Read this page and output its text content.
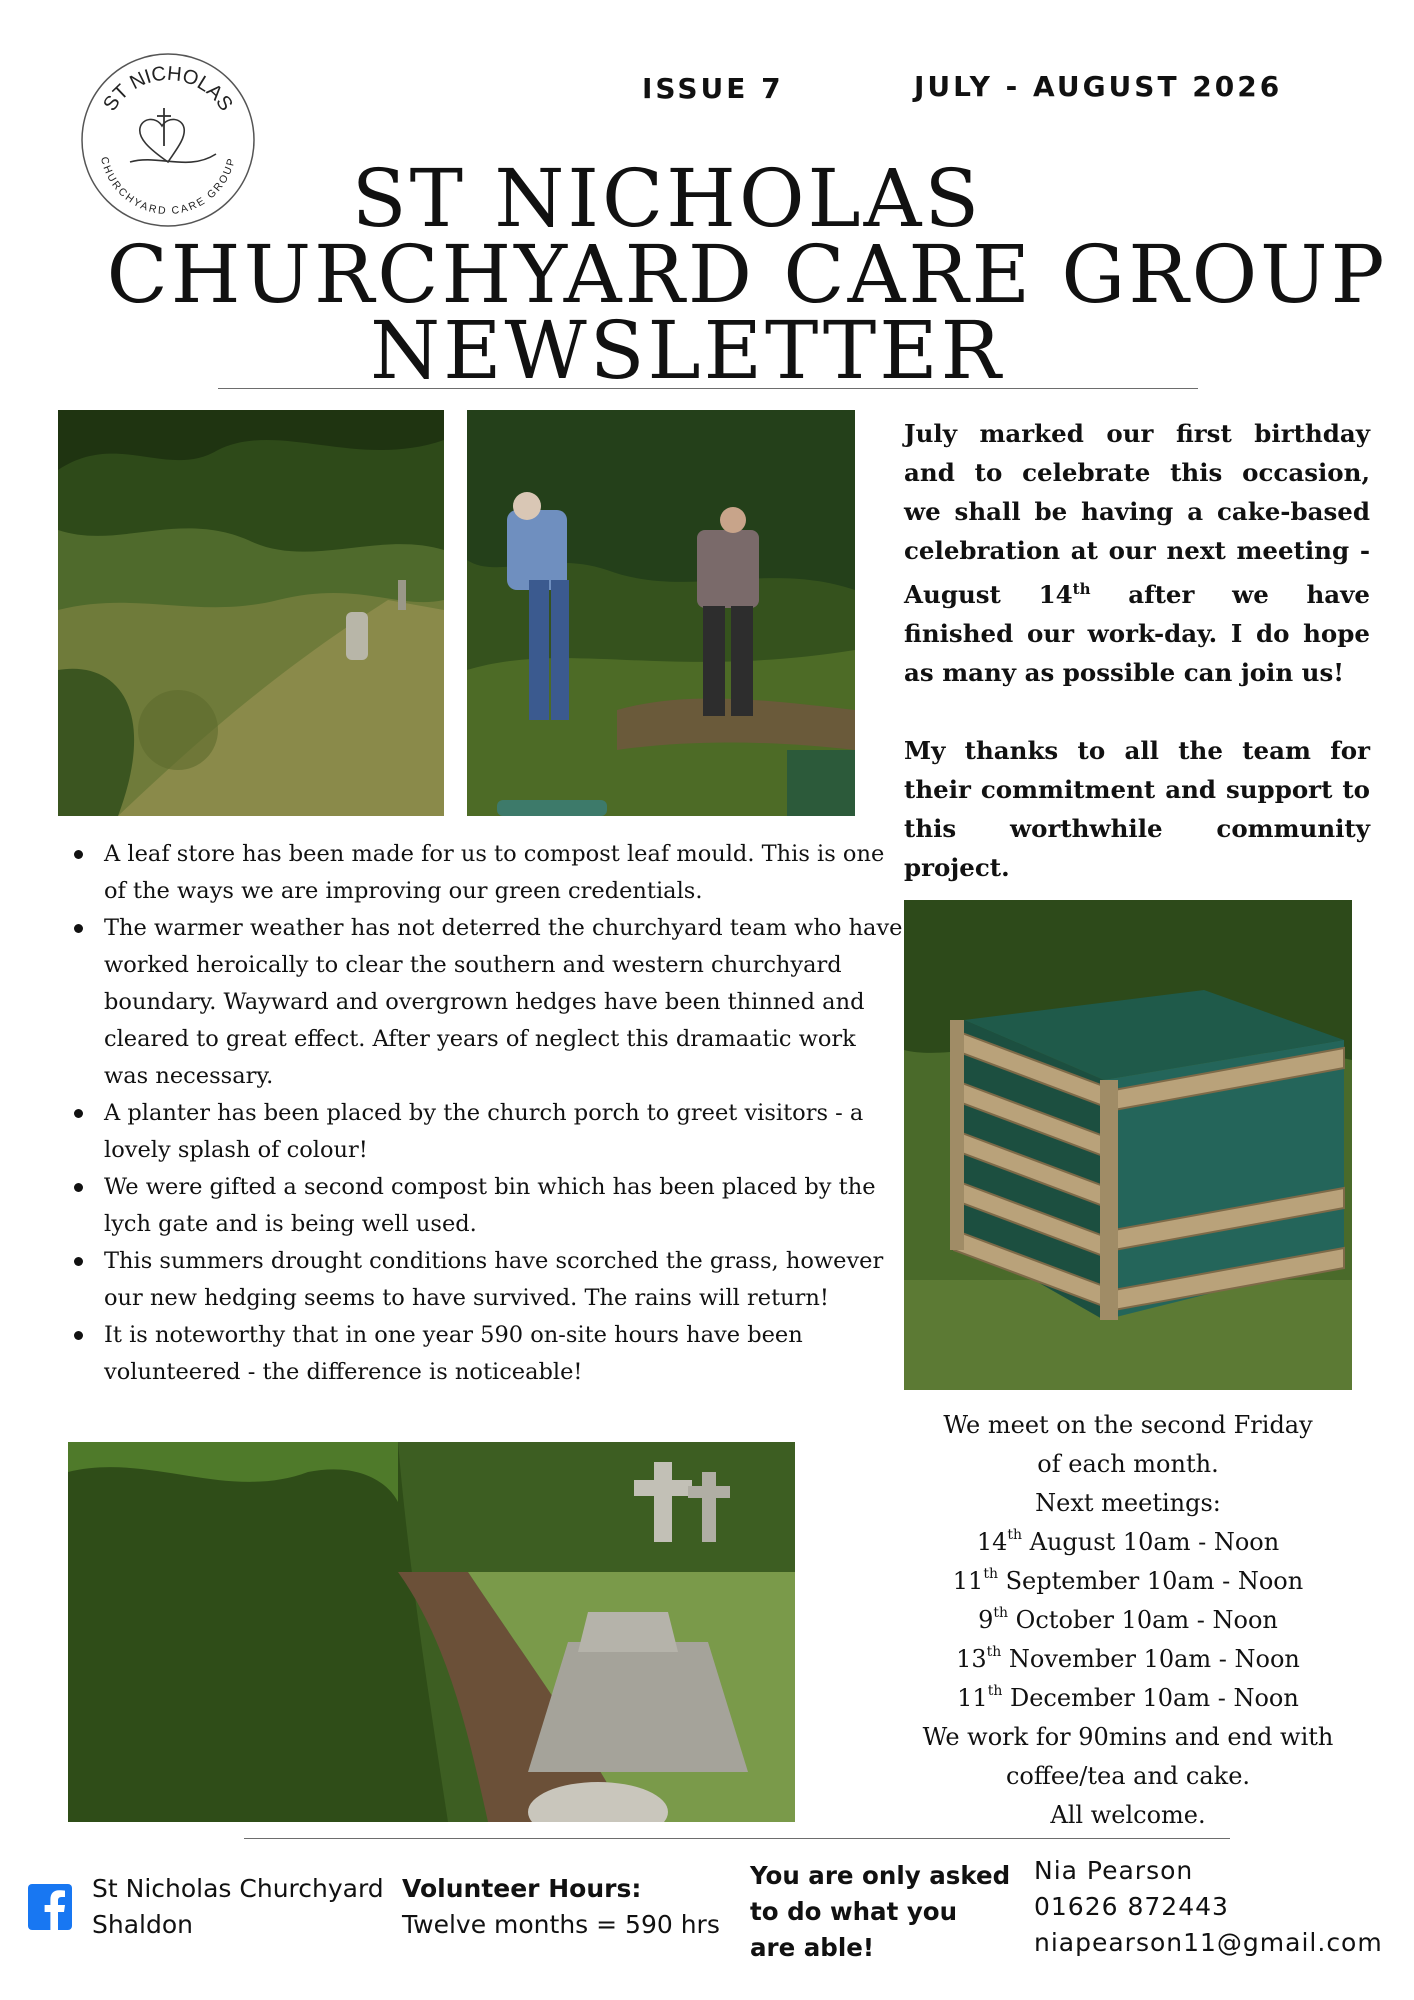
ST NICHOLAS
CHURCHYARD CARE GROUP
ISSUE 7	JULY - AUGUST 2026
ST NICHOLAS
CHURCHYARD CARE GROUP
NEWSLETTER

July marked our first birthday and to celebrate this occasion, we shall be having a cake-based celebration at our next meeting - August 14th after we have finished our work-day. I do hope as many as possible can join us!

My thanks to all the team for their commitment and support to this worthwhile community project.

A leaf store has been made for us to compost leaf mould. This is one of the ways we are improving our green credentials.
The warmer weather has not deterred the churchyard team who have worked heroically to clear the southern and western churchyard boundary. Wayward and overgrown hedges have been thinned and cleared to great effect. After years of neglect this dramaatic work was necessary.
A planter has been placed by the church porch to greet visitors - a lovely splash of colour!
We were gifted a second compost bin which has been placed by the lych gate and is being well used.
This summers drought conditions have scorched the grass, however our new hedging seems to have survived. The rains will return!
It is noteworthy that in one year 590 on-site hours have been volunteered - the difference is noticeable!
We meet on the second Friday
of each month.
Next meetings:
14th August 10am - Noon
11th September 10am - Noon
9th October 10am - Noon
13th November 10am - Noon
11th December 10am - Noon
We work for 90mins and end with
coffee/tea and cake.
All welcome.
St Nicholas Churchyard
Shaldon
Volunteer Hours:
Twelve months = 590 hrs
You are only asked
to do what you
are able!
Nia Pearson
01626 872443
niapearson11@gmail.com
